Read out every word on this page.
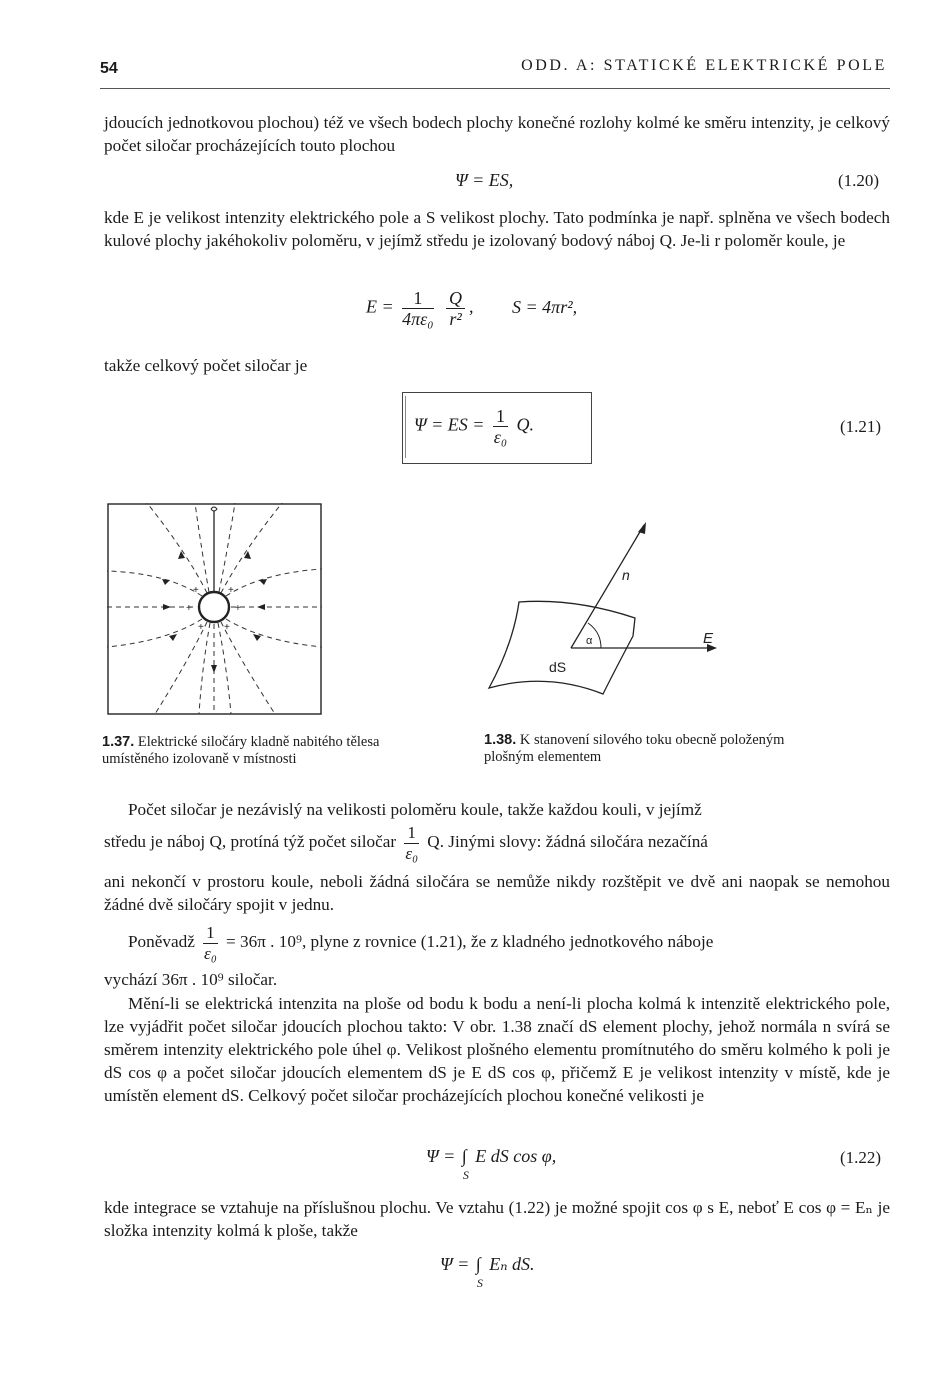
54	ODD. A: STATICKÉ ELEKTRICKÉ POLE
jdoucích jednotkovou plochou) též ve všech bodech plochy konečné rozlohy kolmé ke směru intenzity, je celkový počet siločar procházejících touto plochou
Ψ = ES,	(1.20)
kde E je velikost intenzity elektrického pole a S velikost plochy. Tato podmínka je např. splněna ve všech bodech kulové plochy jakéhokoliv poloměru, v jejímž středu je izolovaný bodový náboj Q. Je-li r poloměr koule, je
$E = \frac{1}{\text{4πε₀}}$
$\frac{Q}{\text{r²}}$ , S = 4πr²,
takže celkový počet siločar je
Ψ = ES = $\frac{1}{\text{ε₀}} Q$.	(1.21)
+	+
+	+
+ +
1.37. Elektrické siločáry kladně nabitého tělesa umístěného izolovaně v místnosti
n
E
α
dS
1.38. K stanovení silového toku obecně položeným plošným elementem
Počet siločar je nezávislý na velikosti poloměru koule, takže každou kouli, v jejímž
středu je náboj Q, protíná týž počet siločar $\frac{1}{\text{ε₀}} Q$. Jinými slovy: žádná siločára nezačíná
ani nekončí v prostoru koule, neboli žádná siločára se nemůže nikdy rozštěpit ve dvě ani naopak se nemohou žádné dvě siločáry spojit v jednu.
Poněvadž $\frac{1}{\text{ε₀}} = 36\pi$ . 10⁹, plyne z rovnice (1.21), že z kladného jednotkového náboje
vychází 36π . 10⁹ siločar.
Mění-li se elektrická intenzita na ploše od bodu k bodu a není-li plocha kolmá k intenzitě elektrického pole, lze vyjádřit počet siločar jdoucích plochou takto: V obr. 1.38 značí dS element plochy, jehož normála n svírá se směrem intenzity elektrického pole úhel φ. Velikost plošného elementu promítnutého do směru kolmého k poli je dS cos φ a počet siločar jdoucích elementem dS je E dS cos φ, přičemž E je velikost intenzity v místě, kde je umístěn element dS. Celkový počet siločar procházejících plochou konečné velikosti je
Ψ = ∫
S
E dS cos φ,	(1.22)
kde integrace se vztahuje na příslušnou plochu. Ve vztahu (1.22) je možné spojit cos φ s E, neboť E cos φ = Eₙ je složka intenzity kolmá k ploše, takže
Ψ = ∫
S
Eₙ dS.
